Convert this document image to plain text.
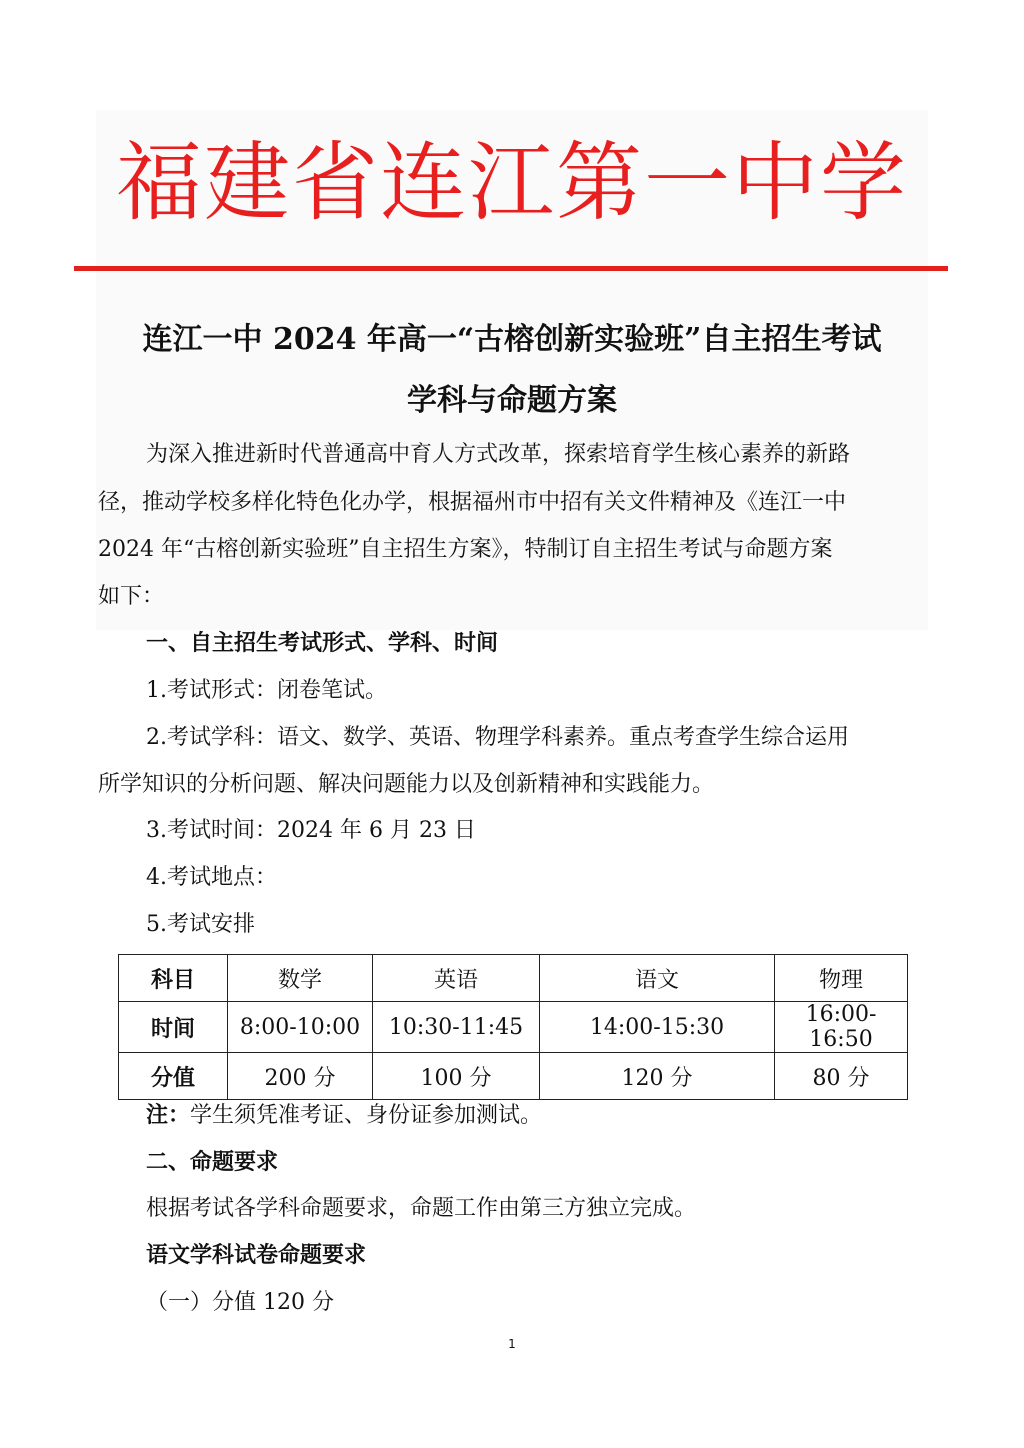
福建省连江第一中学
连江一中 2024 年高一“古榕创新实验班”自主招生考试
学科与命题方案
为深入推进新时代普通高中育人方式改革，探索培育学生核心素养的新路
径，推动学校多样化特色化办学，根据福州市中招有关文件精神及《连江一中
2024 年“古榕创新实验班”自主招生方案》，特制订自主招生考试与命题方案
如下：
一、自主招生考试形式、学科、时间
1.考试形式：闭卷笔试。
2.考试学科：语文、数学、英语、物理学科素养。重点考查学生综合运用
所学知识的分析问题、解决问题能力以及创新精神和实践能力。
3.考试时间：2024 年 6 月 23 日
4.考试地点：
5.考试安排
科目	数学	英语	语文	物理
时间	8:00-10:00	10:30-11:45	14:00-15:30	16:00-16:50
分值	200 分	100 分	120 分	80 分
注：学生须凭准考证、身份证参加测试。
二、命题要求
根据考试各学科命题要求，命题工作由第三方独立完成。
语文学科试卷命题要求
（一）分值 120 分
1
